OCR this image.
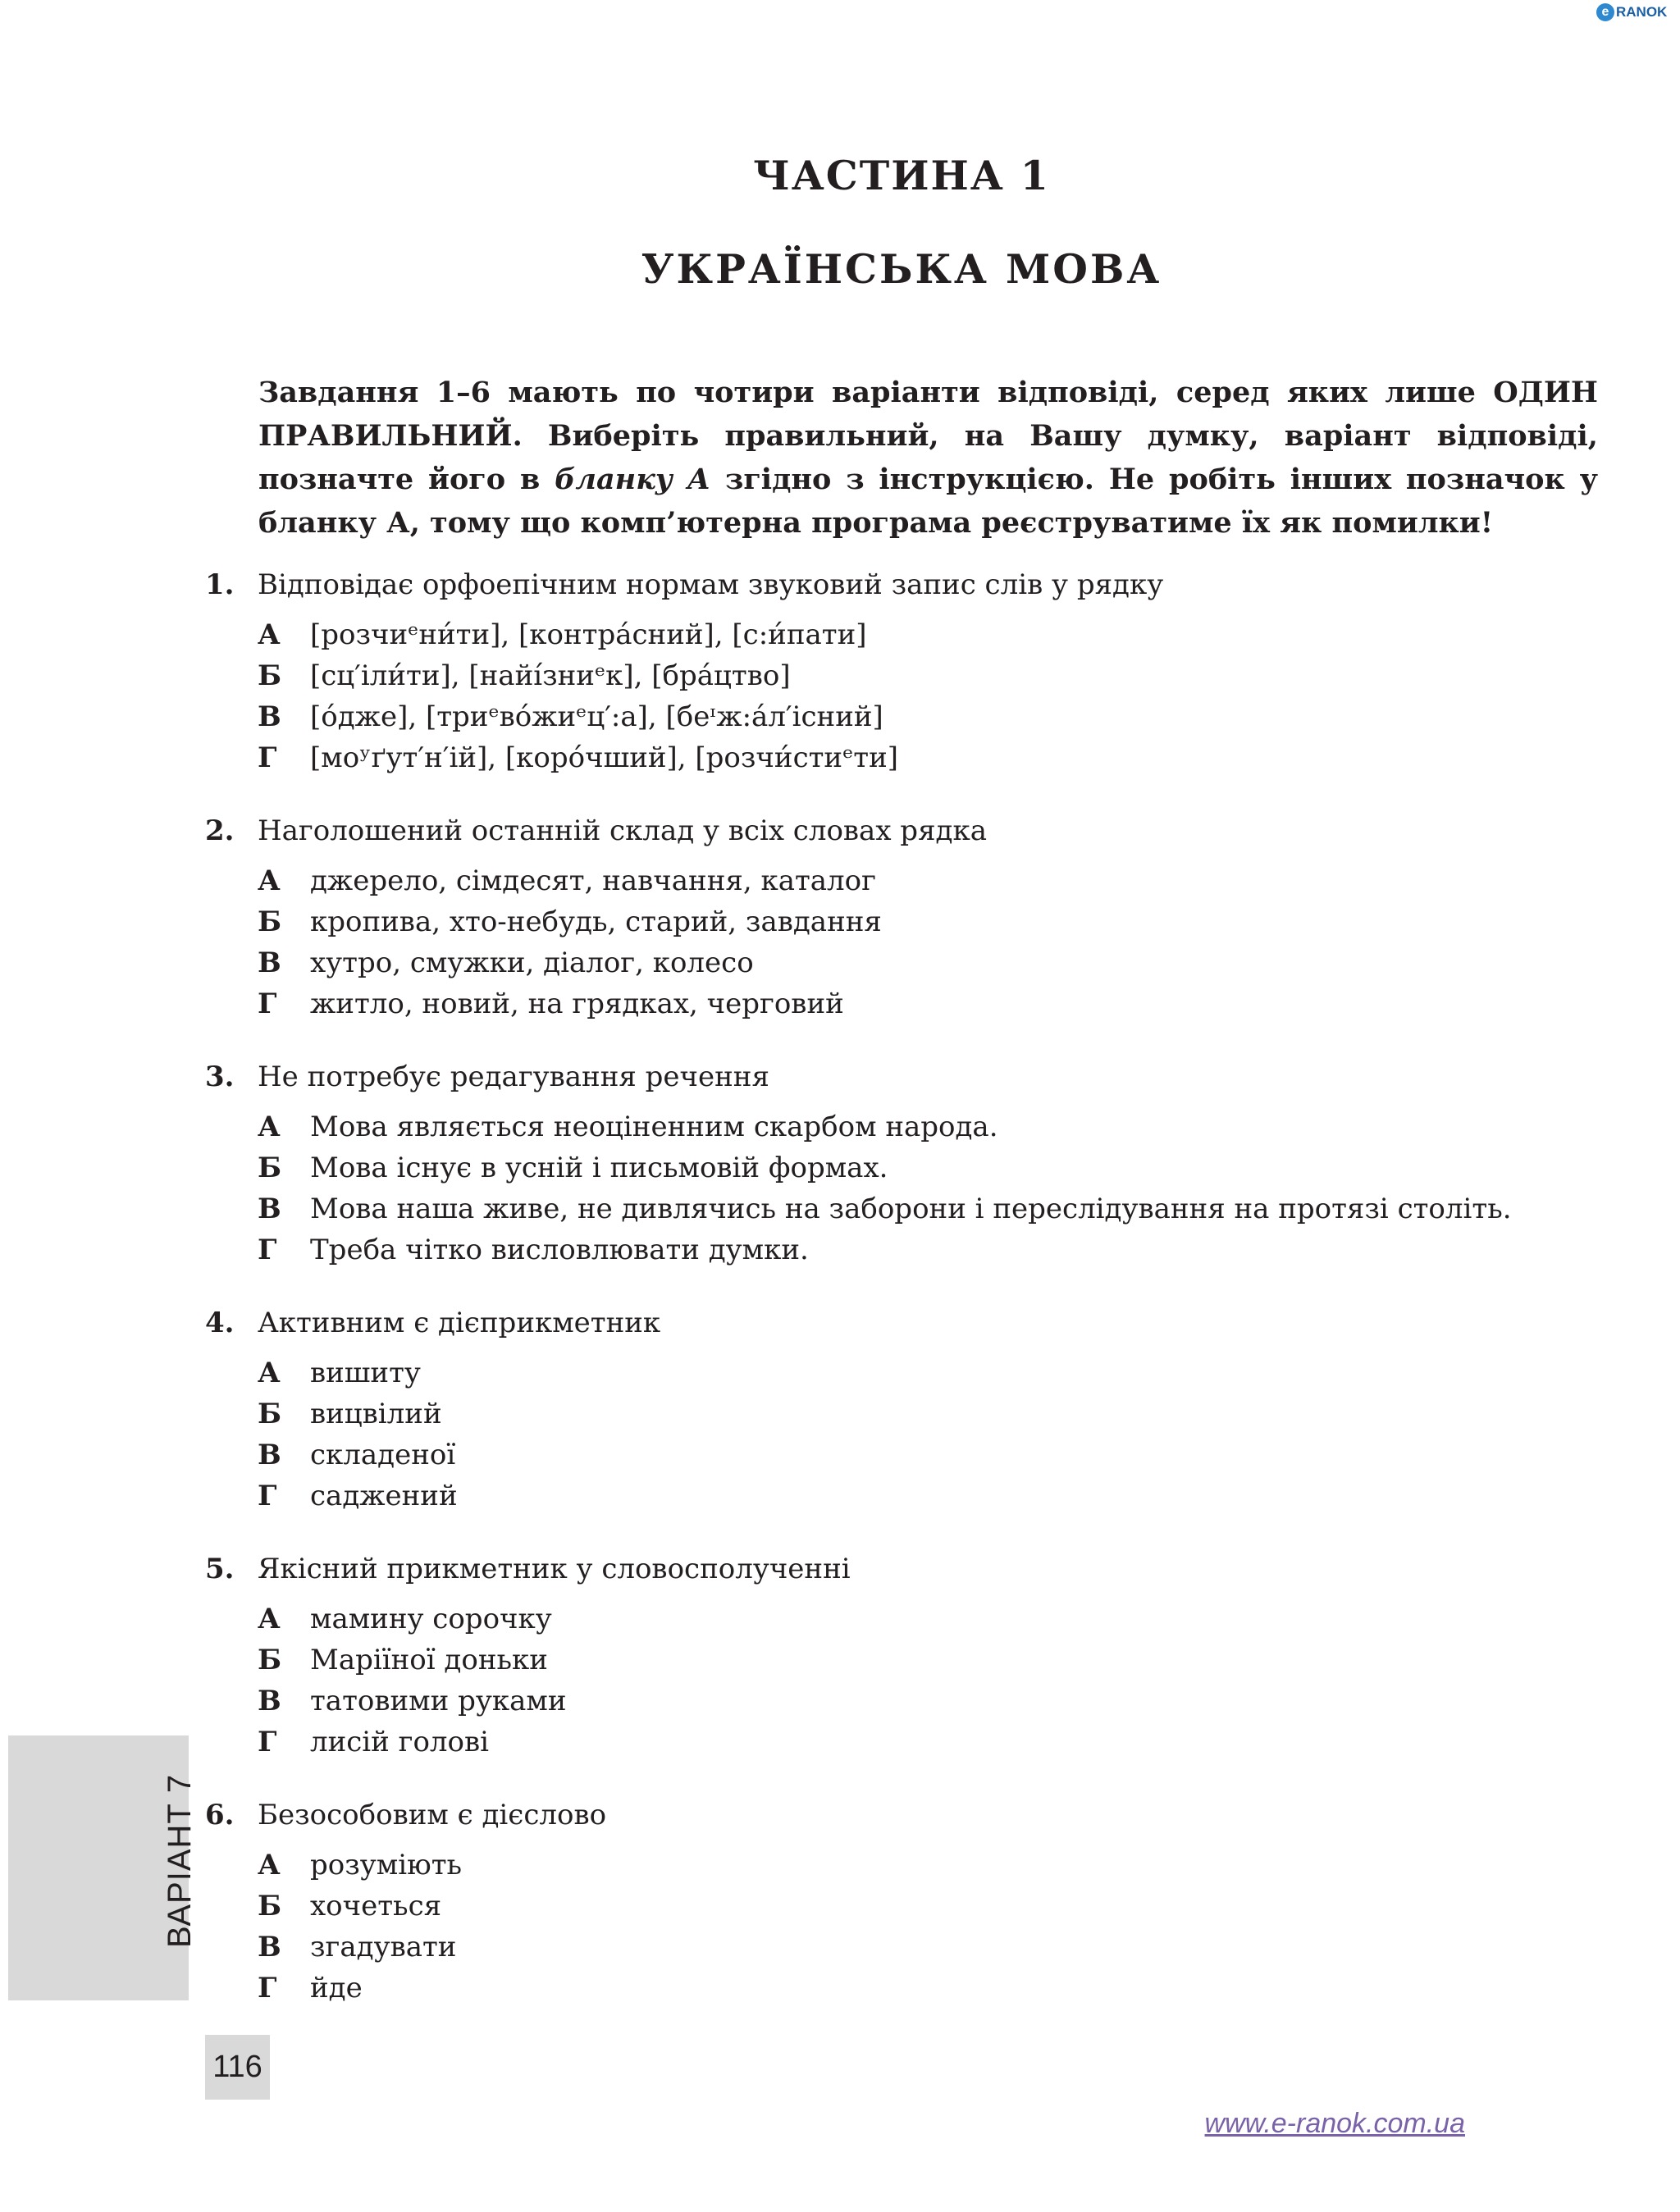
e RANOK
ЧАСТИНА 1
УКРАЇНСЬКА МОВА
Завдання 1–6 мають по чотири варіанти відповіді, серед яких лише ОДИН ПРАВИЛЬНИЙ. Виберіть правильний, на Вашу думку, варіант відповіді, позначте його в бланку А згідно з інструкцією. Не робіть інших позначок у бланку А, тому що комп’ютерна програма реєструватиме їх як помилки!
1. Відповідає орфоепічним нормам звуковий запис слів у рядку
А	[розчиᵉни́ти], [контра́сний], [с:и́пати]
Б	[сц′іли́ти], [найі́зниᵉк], [бра́цтво]
В	[о́дже], [триᵉво́жиᵉц′:а], [беᶦж:а́л′існий]
Г	[моʸґут′н′ій], [коро́чший], [розчи́стиᵉти]
2. Наголошений останній склад у всіх словах рядка
А	джерело, сімдесят, навчання, каталог
Б	кропива, хто-небудь, старий, завдання
В	хутро, смужки, діалог, колесо
Г	житло, новий, на грядках, черговий
3. Не потребує редагування речення
А	Мова являється неоціненним скарбом народа.
Б	Мова існує в усній і письмовій формах.
В	Мова наша живе, не дивлячись на заборони і переслідування на протязі століть.
Г	Треба чітко висловлювати думки.
4. Активним є дієприкметник
А	вишиту
Б	вицвілий
В	складеної
Г	саджений
5. Якісний прикметник у словосполученні
А	мамину сорочку
Б	Маріїної доньки
В	татовими руками
Г	лисій голові
6. Безособовим є дієслово
А	розуміють
Б	хочеться
В	згадувати
Г	йде
ВАРІАНТ 7
116
www.e-ranok.com.ua
